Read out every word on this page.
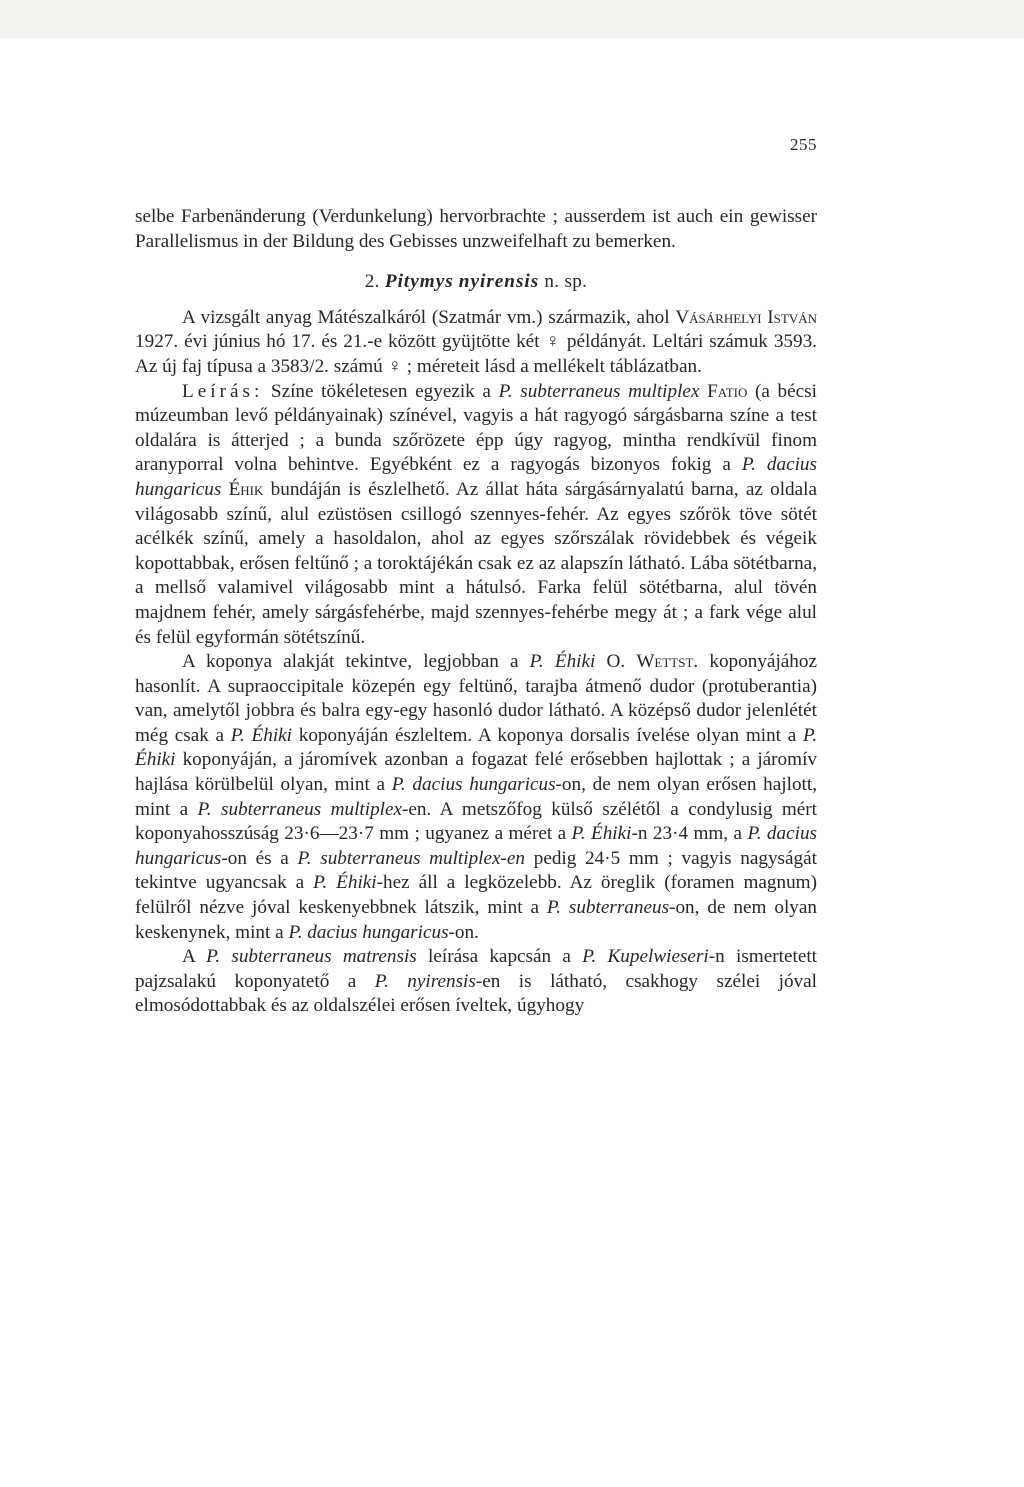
255

selbe Farbenänderung (Verdunkelung) hervorbrachte ; ausserdem ist auch ein gewisser Parallelismus in der Bildung des Gebisses unzweifelhaft zu bemerken.

2. Pitymys nyirensis n. sp.

A vizsgált anyag Mátészalkáról (Szatmár vm.) származik, ahol Vásárhelyi István 1927. évi június hó 17. és 21.-e között gyüjtötte két ♀ példányát. Leltári számuk 3593. Az új faj típusa a 3583/2. számú ♀ ; méreteit lásd a mellékelt táblázatban.

Leírás: Színe tökéletesen egyezik a P. subterraneus multiplex Fatio (a bécsi múzeumban levő példányainak) színével, vagyis a hát ragyogó sárgásbarna színe a test oldalára is átterjed ; a bunda szőrözete épp úgy ragyog, mintha rendkívül finom aranyporral volna behintve. Egyébként ez a ragyogás bizonyos fokig a P. dacius hungaricus Éhik bundáján is észlelhető. Az állat háta sárgásárnyalatú barna, az oldala világosabb színű, alul ezüstösen csillogó szennyes-fehér. Az egyes szőrök töve sötét acélkék színű, amely a hasoldalon, ahol az egyes szőrszálak rövidebbek és végeik kopottabbak, erősen feltűnő ; a toroktájékán csak ez az alapszín látható. Lába sötétbarna, a mellső valamivel világosabb mint a hátulsó. Farka felül sötétbarna, alul tövén majdnem fehér, amely sárgásfehérbe, majd szennyes-fehérbe megy át ; a fark vége alul és felül egyformán sötétszínű.

A koponya alakját tekintve, legjobban a P. Éhiki O. Wettst. koponyájához hasonlít. A supraoccipitale közepén egy feltünő, tarajba átmenő dudor (protuberantia) van, amelytől jobbra és balra egy-egy hasonló dudor látható. A középső dudor jelenlétét még csak a P. Éhiki koponyáján észleltem. A koponya dorsalis ívelése olyan mint a P. Éhiki koponyáján, a járomívek azonban a fogazat felé erősebben hajlottak ; a járomív hajlása körülbelül olyan, mint a P. dacius hungaricus-on, de nem olyan erősen hajlott, mint a P. subterraneus multiplex-en. A metszőfog külső szélétől a condylusig mért koponyahosszúság 23·6—23·7 mm ; ugyanez a méret a P. Éhiki-n 23·4 mm, a P. dacius hungaricus-on és a P. subterraneus multiplex-en pedig 24·5 mm ; vagyis nagyságát tekintve ugyancsak a P. Éhiki-hez áll a legközelebb. Az öreglik (foramen magnum) felülről nézve jóval keskenyebbnek látszik, mint a P. subterraneus-on, de nem olyan keskenynek, mint a P. dacius hungaricus-on.

A P. subterraneus matrensis leírása kapcsán a P. Kupelwieseri-n ismertetett pajzsalakú koponyatető a P. nyirensis-en is látható, csakhogy szélei jóval elmosódottabbak és az oldalszélei erősen íveltek, úgyhogy
